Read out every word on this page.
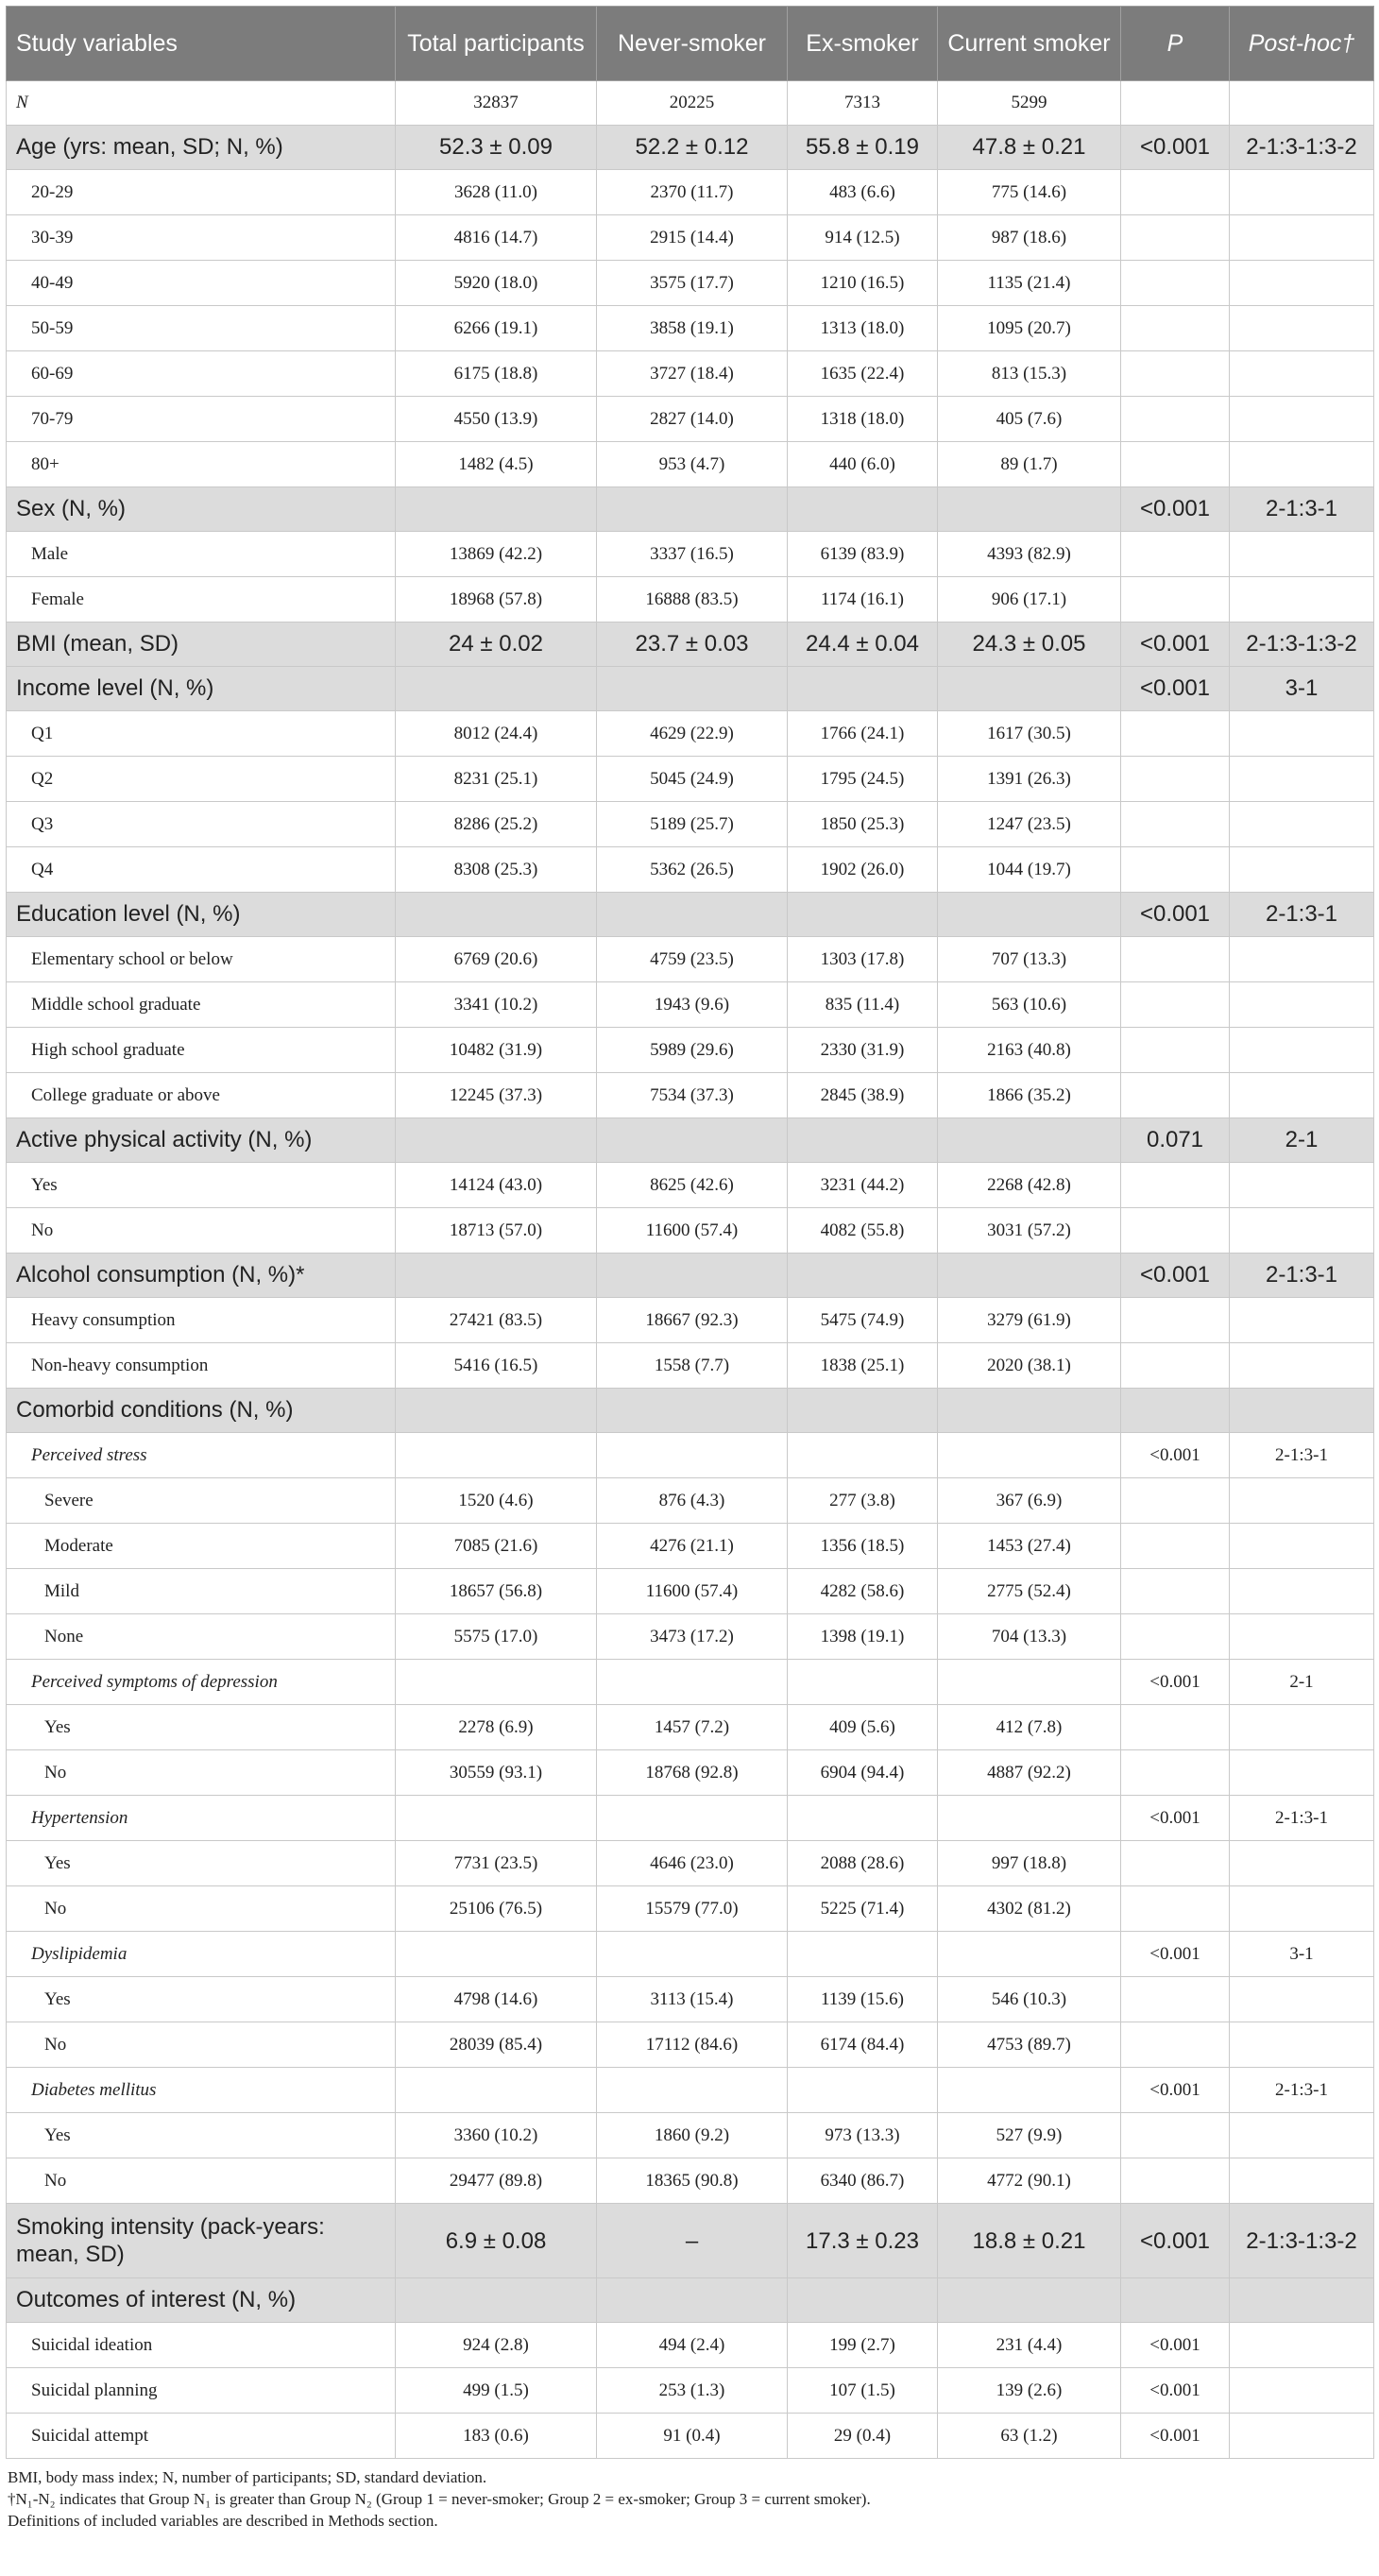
Study variables	Total participants	Never-smoker	Ex-smoker	Current smoker	P	Post-hoc†
N	32837	20225	7313	5299		
Age (yrs: mean, SD; N, %)	52.3 ± 0.09	52.2 ± 0.12	55.8 ± 0.19	47.8 ± 0.21	<0.001	2-1:3-1:3-2
20-29	3628 (11.0)	2370 (11.7)	483 (6.6)	775 (14.6)		
30-39	4816 (14.7)	2915 (14.4)	914 (12.5)	987 (18.6)		
40-49	5920 (18.0)	3575 (17.7)	1210 (16.5)	1135 (21.4)		
50-59	6266 (19.1)	3858 (19.1)	1313 (18.0)	1095 (20.7)		
60-69	6175 (18.8)	3727 (18.4)	1635 (22.4)	813 (15.3)		
70-79	4550 (13.9)	2827 (14.0)	1318 (18.0)	405 (7.6)		
80+	1482 (4.5)	953 (4.7)	440 (6.0)	89 (1.7)		
Sex (N, %)					<0.001	2-1:3-1
Male	13869 (42.2)	3337 (16.5)	6139 (83.9)	4393 (82.9)		
Female	18968 (57.8)	16888 (83.5)	1174 (16.1)	906 (17.1)		
BMI (mean, SD)	24 ± 0.02	23.7 ± 0.03	24.4 ± 0.04	24.3 ± 0.05	<0.001	2-1:3-1:3-2
Income level (N, %)					<0.001	3-1
Q1	8012 (24.4)	4629 (22.9)	1766 (24.1)	1617 (30.5)		
Q2	8231 (25.1)	5045 (24.9)	1795 (24.5)	1391 (26.3)		
Q3	8286 (25.2)	5189 (25.7)	1850 (25.3)	1247 (23.5)		
Q4	8308 (25.3)	5362 (26.5)	1902 (26.0)	1044 (19.7)		
Education level (N, %)					<0.001	2-1:3-1
Elementary school or below	6769 (20.6)	4759 (23.5)	1303 (17.8)	707 (13.3)		
Middle school graduate	3341 (10.2)	1943 (9.6)	835 (11.4)	563 (10.6)		
High school graduate	10482 (31.9)	5989 (29.6)	2330 (31.9)	2163 (40.8)		
College graduate or above	12245 (37.3)	7534 (37.3)	2845 (38.9)	1866 (35.2)		
Active physical activity (N, %)					0.071	2-1
Yes	14124 (43.0)	8625 (42.6)	3231 (44.2)	2268 (42.8)		
No	18713 (57.0)	11600 (57.4)	4082 (55.8)	3031 (57.2)		
Alcohol consumption (N, %)*					<0.001	2-1:3-1
Heavy consumption	27421 (83.5)	18667 (92.3)	5475 (74.9)	3279 (61.9)		
Non-heavy consumption	5416 (16.5)	1558 (7.7)	1838 (25.1)	2020 (38.1)		
Comorbid conditions (N, %)						
Perceived stress					<0.001	2-1:3-1
Severe	1520 (4.6)	876 (4.3)	277 (3.8)	367 (6.9)		
Moderate	7085 (21.6)	4276 (21.1)	1356 (18.5)	1453 (27.4)		
Mild	18657 (56.8)	11600 (57.4)	4282 (58.6)	2775 (52.4)		
None	5575 (17.0)	3473 (17.2)	1398 (19.1)	704 (13.3)		
Perceived symptoms of depression					<0.001	2-1
Yes	2278 (6.9)	1457 (7.2)	409 (5.6)	412 (7.8)		
No	30559 (93.1)	18768 (92.8)	6904 (94.4)	4887 (92.2)		
Hypertension					<0.001	2-1:3-1
Yes	7731 (23.5)	4646 (23.0)	2088 (28.6)	997 (18.8)		
No	25106 (76.5)	15579 (77.0)	5225 (71.4)	4302 (81.2)		
Dyslipidemia					<0.001	3-1
Yes	4798 (14.6)	3113 (15.4)	1139 (15.6)	546 (10.3)		
No	28039 (85.4)	17112 (84.6)	6174 (84.4)	4753 (89.7)		
Diabetes mellitus					<0.001	2-1:3-1
Yes	3360 (10.2)	1860 (9.2)	973 (13.3)	527 (9.9)		
No	29477 (89.8)	18365 (90.8)	6340 (86.7)	4772 (90.1)		
Smoking intensity (pack-years: mean, SD)	6.9 ± 0.08	–	17.3 ± 0.23	18.8 ± 0.21	<0.001	2-1:3-1:3-2
Outcomes of interest (N, %)						
Suicidal ideation	924 (2.8)	494 (2.4)	199 (2.7)	231 (4.4)	<0.001	
Suicidal planning	499 (1.5)	253 (1.3)	107 (1.5)	139 (2.6)	<0.001	
Suicidal attempt	183 (0.6)	91 (0.4)	29 (0.4)	63 (1.2)	<0.001	
BMI, body mass index; N, number of participants; SD, standard deviation.
†N₁-N₂ indicates that Group N₁ is greater than Group N₂ (Group 1 = never-smoker; Group 2 = ex-smoker; Group 3 = current smoker).
Definitions of included variables are described in Methods section.
